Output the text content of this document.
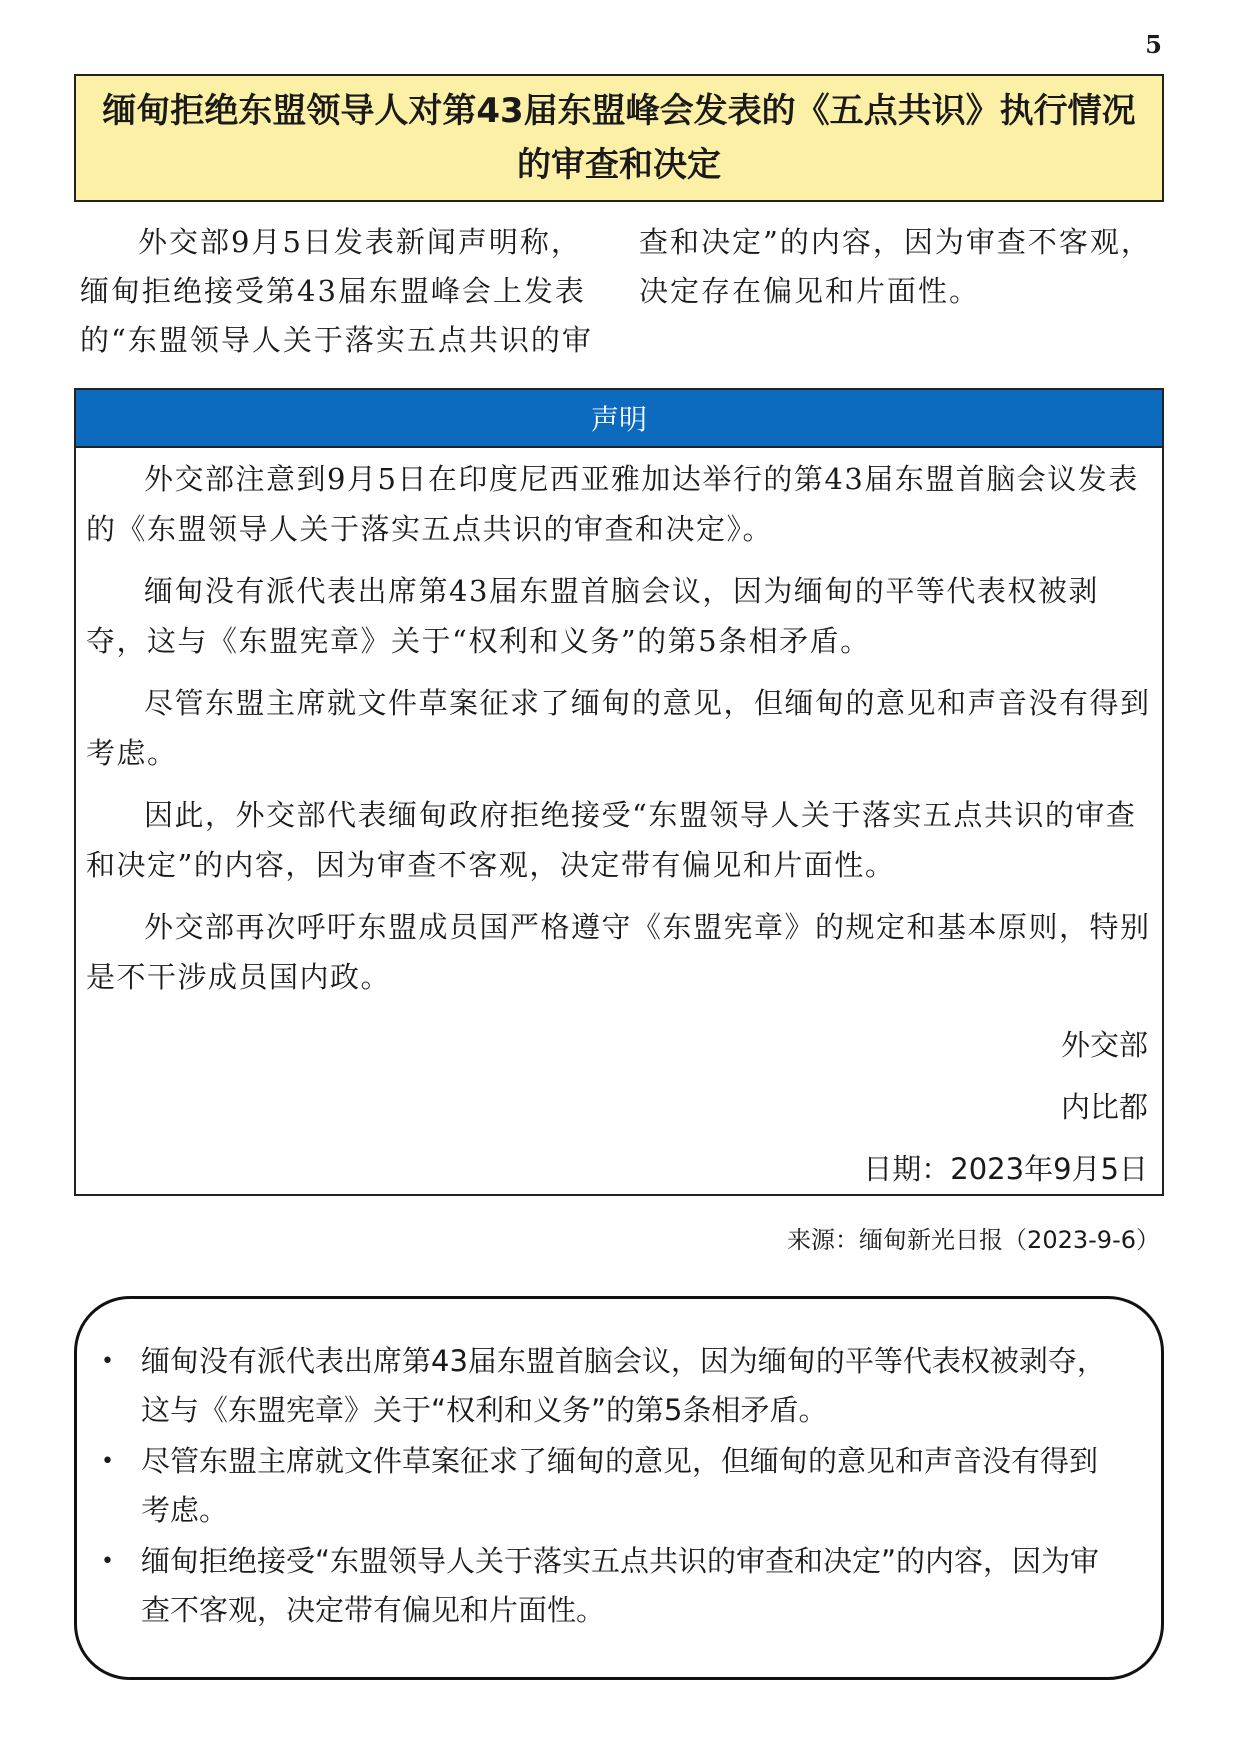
5
缅甸拒绝东盟领导人对第43届东盟峰会发表的《五点共识》执行情况的审查和决定

外交部9月5日发表新闻声明称，缅甸拒绝接受第43届东盟峰会上发表的“东盟领导人关于落实五点共识的审查和决定”的内容，因为审查不客观，决定存在偏见和片面性。

声明

外交部注意到9月5日在印度尼西亚雅加达举行的第43届东盟首脑会议发表的《东盟领导人关于落实五点共识的审查和决定》。

缅甸没有派代表出席第43届东盟首脑会议，因为缅甸的平等代表权被剥夺，这与《东盟宪章》关于“权利和义务”的第5条相矛盾。

尽管东盟主席就文件草案征求了缅甸的意见，但缅甸的意见和声音没有得到考虑。

因此，外交部代表缅甸政府拒绝接受“东盟领导人关于落实五点共识的审查和决定”的内容，因为审查不客观，决定带有偏见和片面性。

外交部再次呼吁东盟成员国严格遵守《东盟宪章》的规定和基本原则，特别是不干涉成员国内政。

外交部
内比都
日期：2023年9月5日
来源：缅甸新光日报（2023-9-6）
• 缅甸没有派代表出席第43届东盟首脑会议，因为缅甸的平等代表权被剥夺，这与《东盟宪章》关于“权利和义务”的第5条相矛盾。
• 尽管东盟主席就文件草案征求了缅甸的意见，但缅甸的意见和声音没有得到考虑。
• 缅甸拒绝接受“东盟领导人关于落实五点共识的审查和决定”的内容，因为审查不客观，决定带有偏见和片面性。
